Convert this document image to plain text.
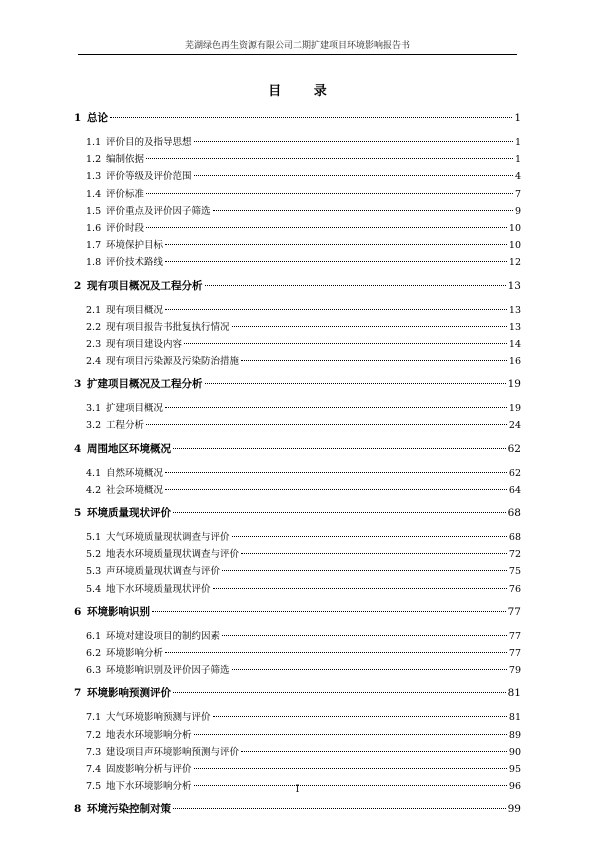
芜湖绿色再生资源有限公司二期扩建项目环境影响报告书
目 录
1 总论	1
1.1 评价目的及指导思想	1
1.2 编制依据	1
1.3 评价等级及评价范围	4
1.4 评价标准	7
1.5 评价重点及评价因子筛选	9
1.6 评价时段	10
1.7 环境保护目标	10
1.8 评价技术路线	12
2 现有项目概况及工程分析	13
2.1 现有项目概况	13
2.2 现有项目报告书批复执行情况	13
2.3 现有项目建设内容	14
2.4 现有项目污染源及污染防治措施	16
3 扩建项目概况及工程分析	19
3.1 扩建项目概况	19
3.2 工程分析	24
4 周围地区环境概况	62
4.1 自然环境概况	62
4.2 社会环境概况	64
5 环境质量现状评价	68
5.1 大气环境质量现状调查与评价	68
5.2 地表水环境质量现状调查与评价	72
5.3 声环境质量现状调查与评价	75
5.4 地下水环境质量现状评价	76
6 环境影响识别	77
6.1 环境对建设项目的制约因素	77
6.2 环境影响分析	77
6.3 环境影响识别及评价因子筛选	79
7 环境影响预测评价	81
7.1 大气环境影响预测与评价	81
7.2 地表水环境影响分析	89
7.3 建设项目声环境影响预测与评价	90
7.4 固废影响分析与评价	95
7.5 地下水环境影响分析	96
8 环境污染控制对策	99
I
